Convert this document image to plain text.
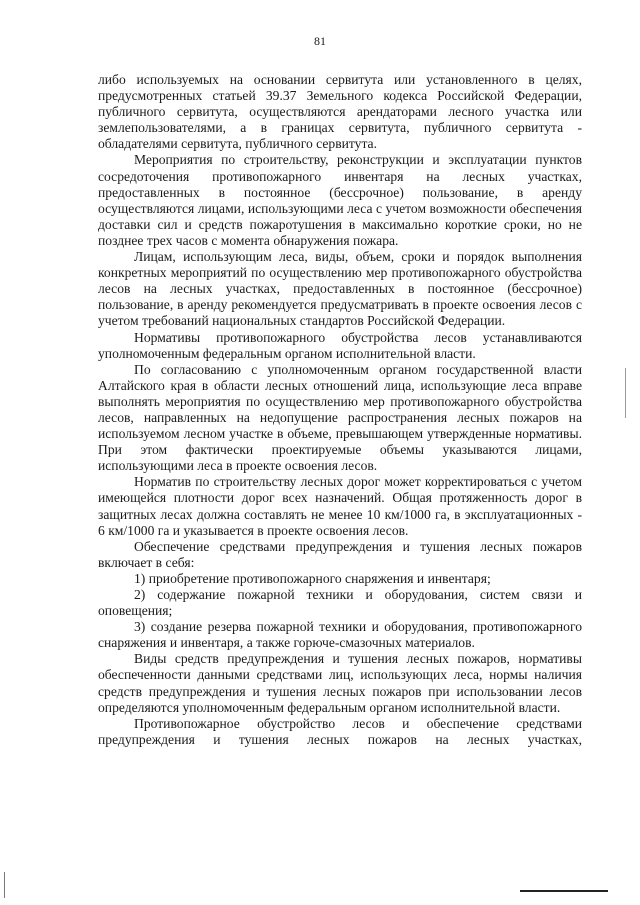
81

либо используемых на основании сервитута или установленного в целях, предусмотренных статьей 39.37 Земельного кодекса Российской Федерации, публичного сервитута, осуществляются арендаторами лесного участка или землепользователями, а в границах сервитута, публичного сервитута - обладателями сервитута, публичного сервитута.

Мероприятия по строительству, реконструкции и эксплуатации пунктов сосредоточения противопожарного инвентаря на лесных участках, предоставленных в постоянное (бессрочное) пользование, в аренду осуществляются лицами, использующими леса с учетом возможности обеспечения доставки сил и средств пожаротушения в максимально короткие сроки, но не позднее трех часов с момента обнаружения пожара.

Лицам, использующим леса, виды, объем, сроки и порядок выполнения конкретных мероприятий по осуществлению мер противопожарного обустройства лесов на лесных участках, предоставленных в постоянное (бессрочное) пользование, в аренду рекомендуется предусматривать в проекте освоения лесов с учетом требований национальных стандартов Российской Федерации.

Нормативы противопожарного обустройства лесов устанавливаются уполномоченным федеральным органом исполнительной власти.

По согласованию с уполномоченным органом государственной власти Алтайского края в области лесных отношений лица, использующие леса вправе выполнять мероприятия по осуществлению мер противопожарного обустройства лесов, направленных на недопущение распространения лесных пожаров на используемом лесном участке в объеме, превышающем утвержденные нормативы. При этом фактически проектируемые объемы указываются лицами, использующими леса в проекте освоения лесов.

Норматив по строительству лесных дорог может корректироваться с учетом имеющейся плотности дорог всех назначений. Общая протяженность дорог в защитных лесах должна составлять не менее 10 км/1000 га, в эксплуатационных - 6 км/1000 га и указывается в проекте освоения лесов.

Обеспечение средствами предупреждения и тушения лесных пожаров включает в себя:

1) приобретение противопожарного снаряжения и инвентаря;

2) содержание пожарной техники и оборудования, систем связи и оповещения;

3) создание резерва пожарной техники и оборудования, противопожарного снаряжения и инвентаря, а также горюче-смазочных материалов.

Виды средств предупреждения и тушения лесных пожаров, нормативы обеспеченности данными средствами лиц, использующих леса, нормы наличия средств предупреждения и тушения лесных пожаров при использовании лесов определяются уполномоченным федеральным органом исполнительной власти.

Противопожарное обустройство лесов и обеспечение средствами предупреждения и тушения лесных пожаров на лесных участках,
